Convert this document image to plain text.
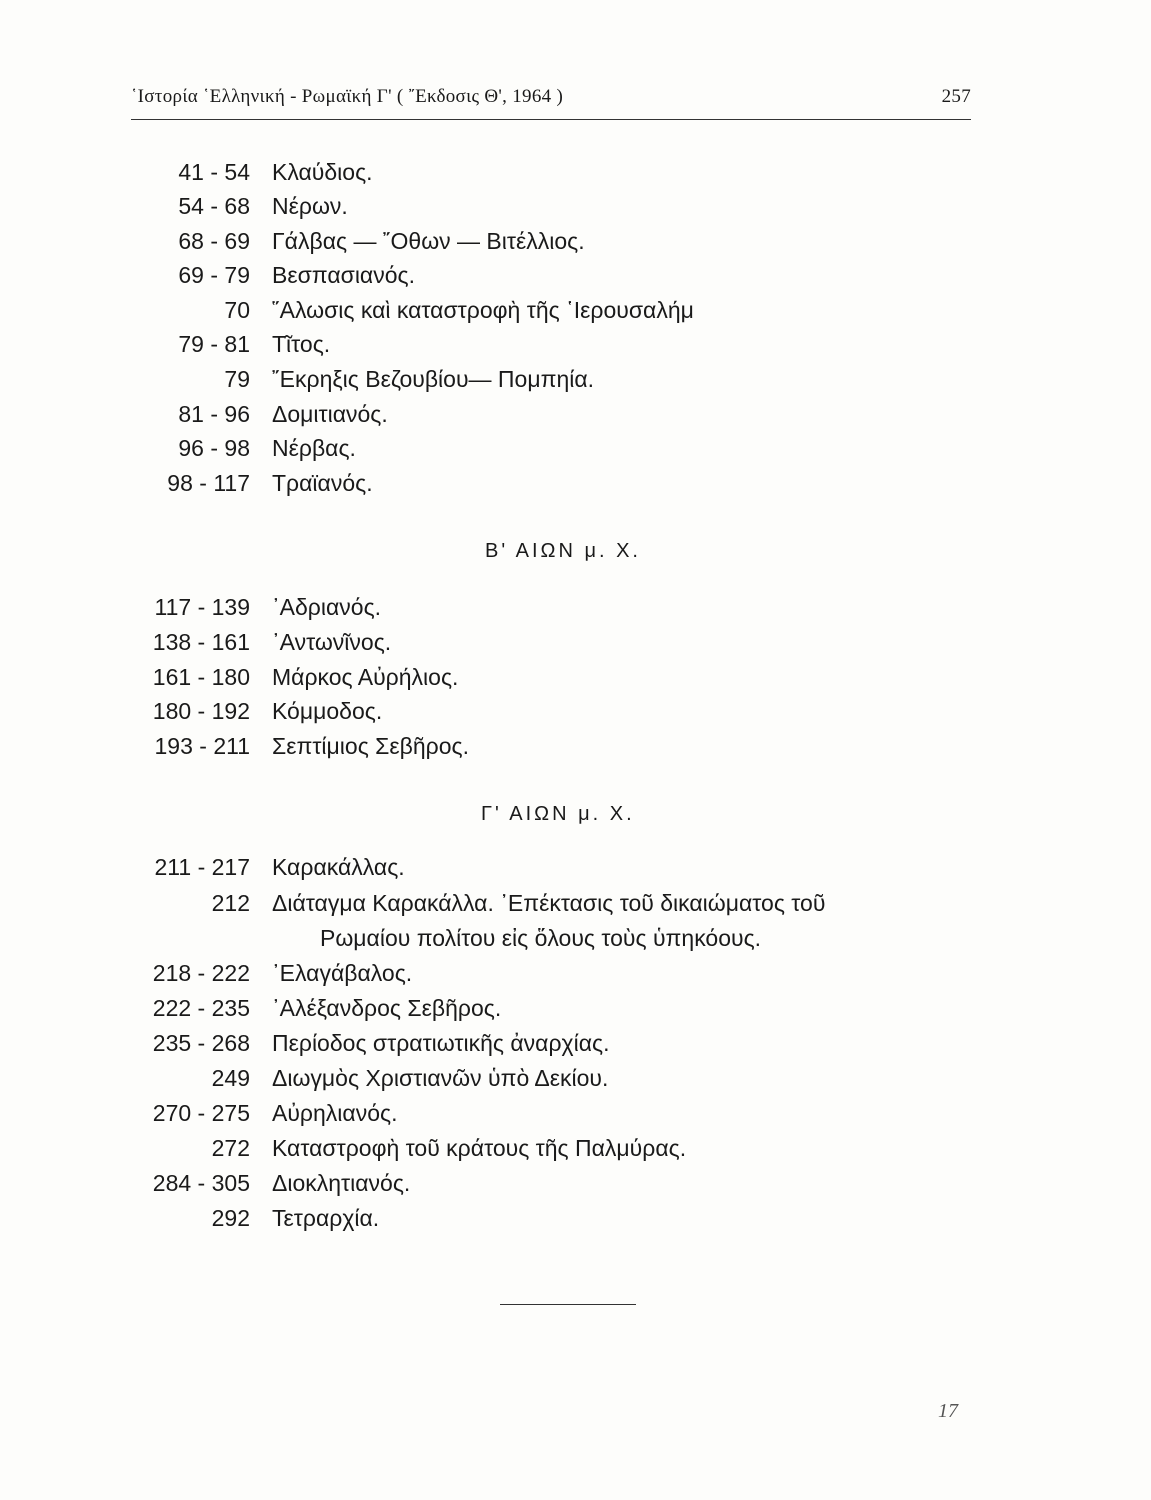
῾Ιστορία ῾Ελληνική - Ρωμαϊκή Γ' ( ῎Εκδοσις Θ', 1964 )	257
41 - 54 Κλαύδιος.
54 - 68 Νέρων.
68 - 69 Γάλβας — ῎Οθων — Βιτέλλιος.
69 - 79 Βεσπασιανός.
70 ῞Αλωσις καὶ καταστροφὴ τῆς ῾Ιερουσαλήμ
79 - 81 Τῖτος.
79 ῎Εκρηξις Βεζουβίου— Πομπηία.
81 - 96 Δομιτιανός.
96 - 98 Νέρβας.
98 - 117 Τραϊανός.
Β' ΑΙΩΝ μ. Χ.
117 - 139 ᾿Αδριανός.
138 - 161 ᾿Αντωνῖνος.
161 - 180 Μάρκος Αὐρήλιος.
180 - 192 Κόμμοδος.
193 - 211 Σεπτίμιος Σεβῆρος.
Γ' ΑΙΩΝ μ. Χ.
211 - 217 Καρακάλλας.
212 Διάταγμα Καρακάλλα. ᾿Επέκτασις τοῦ δικαιώματος τοῦ
Ρωμαίου πολίτου εἰς ὅλους τοὺς ὑπηκόους.
218 - 222 ᾿Ελαγάβαλος.
222 - 235 ᾿Αλέξανδρος Σεβῆρος.
235 - 268 Περίοδος στρατιωτικῆς ἀναρχίας.
249 Διωγμὸς Χριστιανῶν ὑπὸ Δεκίου.
270 - 275 Αὐρηλιανός.
272 Καταστροφὴ τοῦ κράτους τῆς Παλμύρας.
284 - 305 Διοκλητιανός.
292 Τετραρχία.
17
